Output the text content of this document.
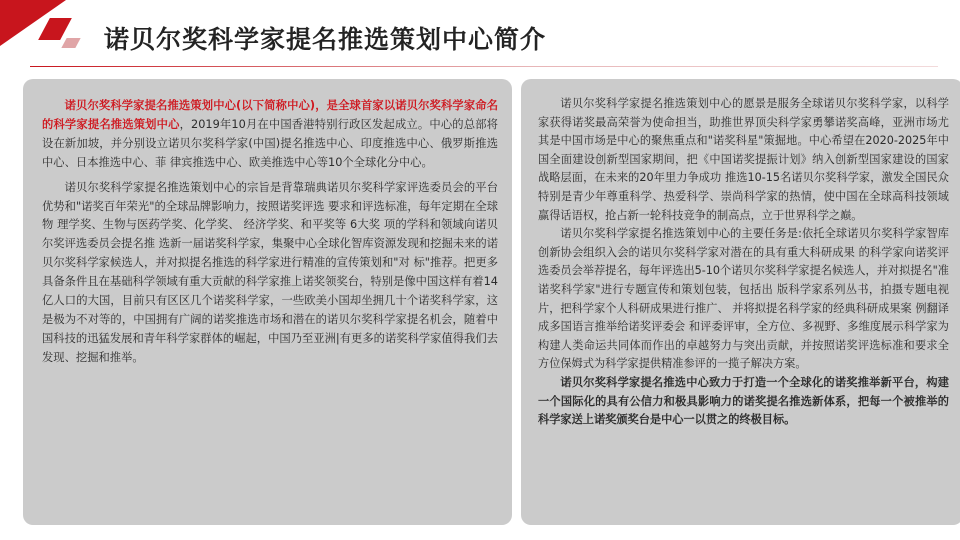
诺贝尔奖科学家提名推选策划中心简介

诺贝尔奖科学家提名推选策划中心(以下简称中心)，是全球首家以诺贝尔奖科学家命名的科学家提名推选策划中心，2019年10月在中国香港特别行政区发起成立。中心的总部将设在新加坡，并分别设立诺贝尔奖科学家(中国)提名推选中心、印度推选中心、俄罗斯推选中心、日本推选中心、菲 律宾推选中心、欧美推选中心等10个全球化分中心。

诺贝尔奖科学家提名推选策划中心的宗旨是背靠瑞典诺贝尔奖科学家评选委员会的平台优势和"诺奖百年荣光"的全球品牌影响力，按照诺奖评选 要求和评选标准，每年定期在全球物 理学奖、生物与医药学奖、化学奖、 经济学奖、和平奖等 6大奖 项的学科和领域向诺贝尔奖评选委员会提名推 选新一届诺奖科学家，集聚中心全球化智库资源发现和挖掘未来的诺贝尔奖科学家候选人，并对拟提名推选的科学家进行精准的宣传策划和"对 标"推荐。把更多具备条件且在基础科学领域有重大贡献的科学家推上诺奖领奖台，特别是像中国这样有着14亿人口的大国，目前只有区区几个诺奖科学家，一些欧美小国却坐拥几十个诺奖科学家，这是极为不对等的，中国拥有广阔的诺奖推选市场和潜在的诺贝尔奖科学家提名机会，随着中国科技的迅猛发展和青年科学家群体的崛起，中国乃至亚洲|有更多的诺奖科学家值得我们去发现、挖掘和推举。

诺贝尔奖科学家提名推选策划中心的愿景是服务全球诺贝尔奖科学家，以科学家获得诺奖最高荣誉为使命担当，助推世界顶尖科学家勇攀诺奖高峰，亚洲市场尤其是中国市场是中心的聚焦重点和"诺奖科星"策掘地。中心希望在2020-2025年中国全面建设创新型国家期间，把《中国诺奖提振计划》纳入创新型国家建设的国家战略层面，在未来的20年里力争成功 推选10-15名诺贝尔奖科学家，激发全国民众特别是青少年尊重科学、热爱科学、崇尚科学家的热情，使中国在全球高科技领域赢得话语权，抢占新一轮科技竞争的制高点，立于世界科学之巅。

诺贝尔奖科学家提名推选策划中心的主要任务是:依托全球诺贝尔奖科学家智库创新协会组织入会的诺贝尔奖科学家对潜在的具有重大科研成果 的科学家向诺奖评选委员会举荐提名，每年评选出5-10个诺贝尔奖科学家提名候选人，并对拟提名"准诺奖科学家"进行专题宣传和策划包装，包括出 版科学家系列丛书，拍摄专题电视片，把科学家个人科研成果进行推广、 并将拟提名科学家的经典科研成果案 例翻译成多国语言推举给诺奖评委会 和评委评审，全方位、多视野、多维度展示科学家为构建人类命运共同体而作出的卓越努力与突出贡献，并按照诺奖评选标准和要求全方位保姆式为科学家提供精准参评的一揽子解决方案。

诺贝尔奖科学家提名推选中心致力于打造一个全球化的诺奖推举新平台，构建一个国际化的具有公信力和极具影响力的诺奖提名推选新体系，把每一个被推举的科学家送上诺奖颁奖台是中心一以贯之的终极目标。
